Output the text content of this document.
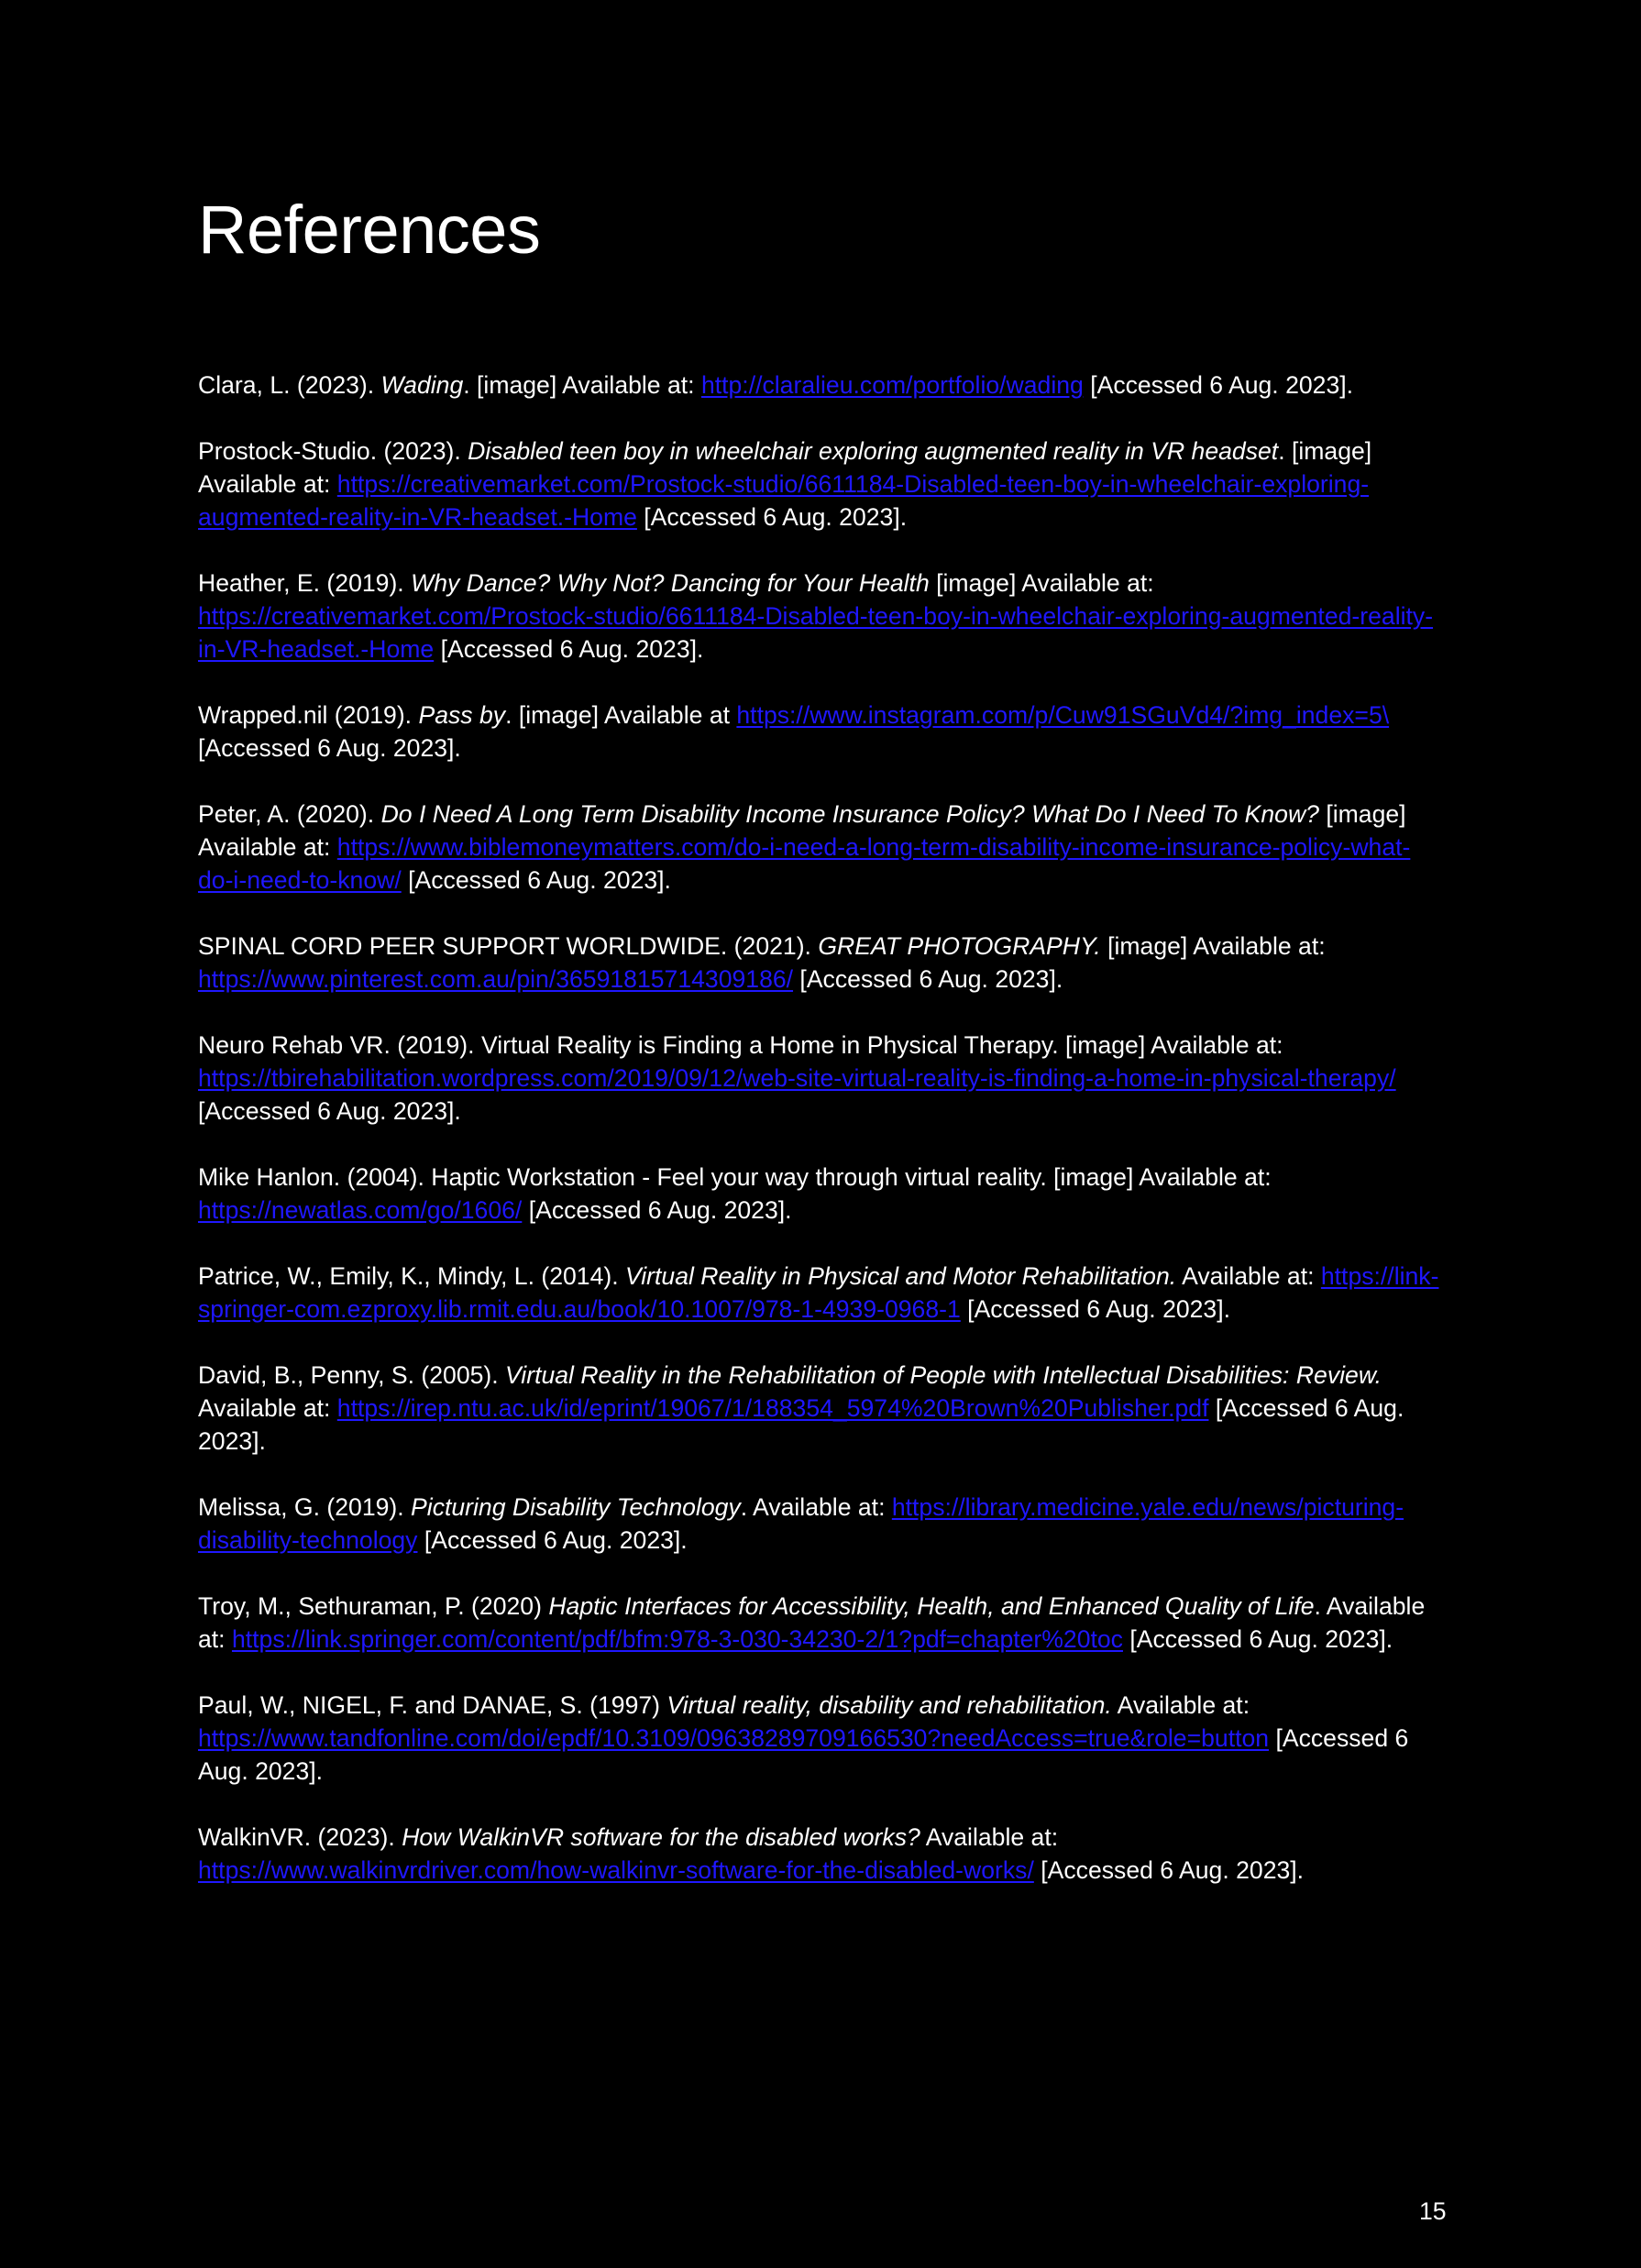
References

Clara, L. (2023). Wading. [image] Available at: http://claralieu.com/portfolio/wading [Accessed 6 Aug. 2023].

Prostock-Studio. (2023). Disabled teen boy in wheelchair exploring augmented reality in VR headset. [image] Available at: https://creativemarket.com/Prostock-studio/6611184-Disabled-teen-boy-in-wheelchair-exploring-augmented-reality-in-VR-headset.-Home [Accessed 6 Aug. 2023].

Heather, E. (2019). Why Dance? Why Not? Dancing for Your Health [image] Available at: https://creativemarket.com/Prostock-studio/6611184-Disabled-teen-boy-in-wheelchair-exploring-augmented-reality-in-VR-headset.-Home [Accessed 6 Aug. 2023].

Wrapped.nil (2019). Pass by. [image] Available at https://www.instagram.com/p/Cuw91SGuVd4/?img_index=5\ [Accessed 6 Aug. 2023].

Peter, A. (2020). Do I Need A Long Term Disability Income Insurance Policy? What Do I Need To Know? [image] Available at: https://www.biblemoneymatters.com/do-i-need-a-long-term-disability-income-insurance-policy-what-do-i-need-to-know/ [Accessed 6 Aug. 2023].

SPINAL CORD PEER SUPPORT WORLDWIDE. (2021). GREAT PHOTOGRAPHY. [image] Available at: https://www.pinterest.com.au/pin/36591815714309186/ [Accessed 6 Aug. 2023].

Neuro Rehab VR. (2019). Virtual Reality is Finding a Home in Physical Therapy. [image] Available at: https://tbirehabilitation.wordpress.com/2019/09/12/web-site-virtual-reality-is-finding-a-home-in-physical-therapy/ [Accessed 6 Aug. 2023].

Mike Hanlon. (2004). Haptic Workstation - Feel your way through virtual reality. [image] Available at: https://newatlas.com/go/1606/ [Accessed 6 Aug. 2023].

Patrice, W., Emily, K., Mindy, L. (2014). Virtual Reality in Physical and Motor Rehabilitation. Available at: https://link-springer-com.ezproxy.lib.rmit.edu.au/book/10.1007/978-1-4939-0968-1 [Accessed 6 Aug. 2023].

David, B., Penny, S. (2005). Virtual Reality in the Rehabilitation of People with Intellectual Disabilities: Review. Available at: https://irep.ntu.ac.uk/id/eprint/19067/1/188354_5974%20Brown%20Publisher.pdf [Accessed 6 Aug. 2023].

Melissa, G. (2019). Picturing Disability Technology. Available at: https://library.medicine.yale.edu/news/picturing-disability-technology [Accessed 6 Aug. 2023].

Troy, M., Sethuraman, P. (2020) Haptic Interfaces for Accessibility, Health, and Enhanced Quality of Life. Available at: https://link.springer.com/content/pdf/bfm:978-3-030-34230-2/1?pdf=chapter%20toc [Accessed 6 Aug. 2023].

Paul, W., NIGEL, F. and DANAE, S. (1997) Virtual reality, disability and rehabilitation. Available at: https://www.tandfonline.com/doi/epdf/10.3109/09638289709166530?needAccess=true&role=button [Accessed 6 Aug. 2023].

WalkinVR. (2023). How WalkinVR software for the disabled works? Available at: https://www.walkinvrdriver.com/how-walkinvr-software-for-the-disabled-works/ [Accessed 6 Aug. 2023].

15
